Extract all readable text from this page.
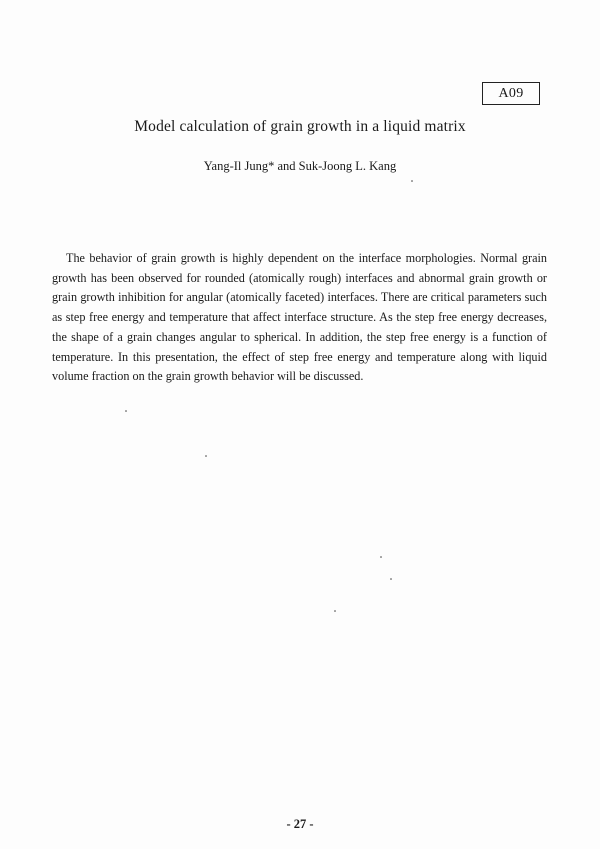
A09
Model calculation of grain growth in a liquid matrix
Yang-Il Jung* and Suk-Joong L. Kang

The behavior of grain growth is highly dependent on the interface morphologies. Normal grain growth has been observed for rounded (atomically rough) interfaces and abnormal grain growth or grain growth inhibition for angular (atomically faceted) interfaces. There are critical parameters such as step free energy and temperature that affect interface structure. As the step free energy decreases, the shape of a grain changes angular to spherical. In addition, the step free energy is a function of temperature. In this presentation, the effect of step free energy and temperature along with liquid volume fraction on the grain growth behavior will be discussed.

- 27 -
